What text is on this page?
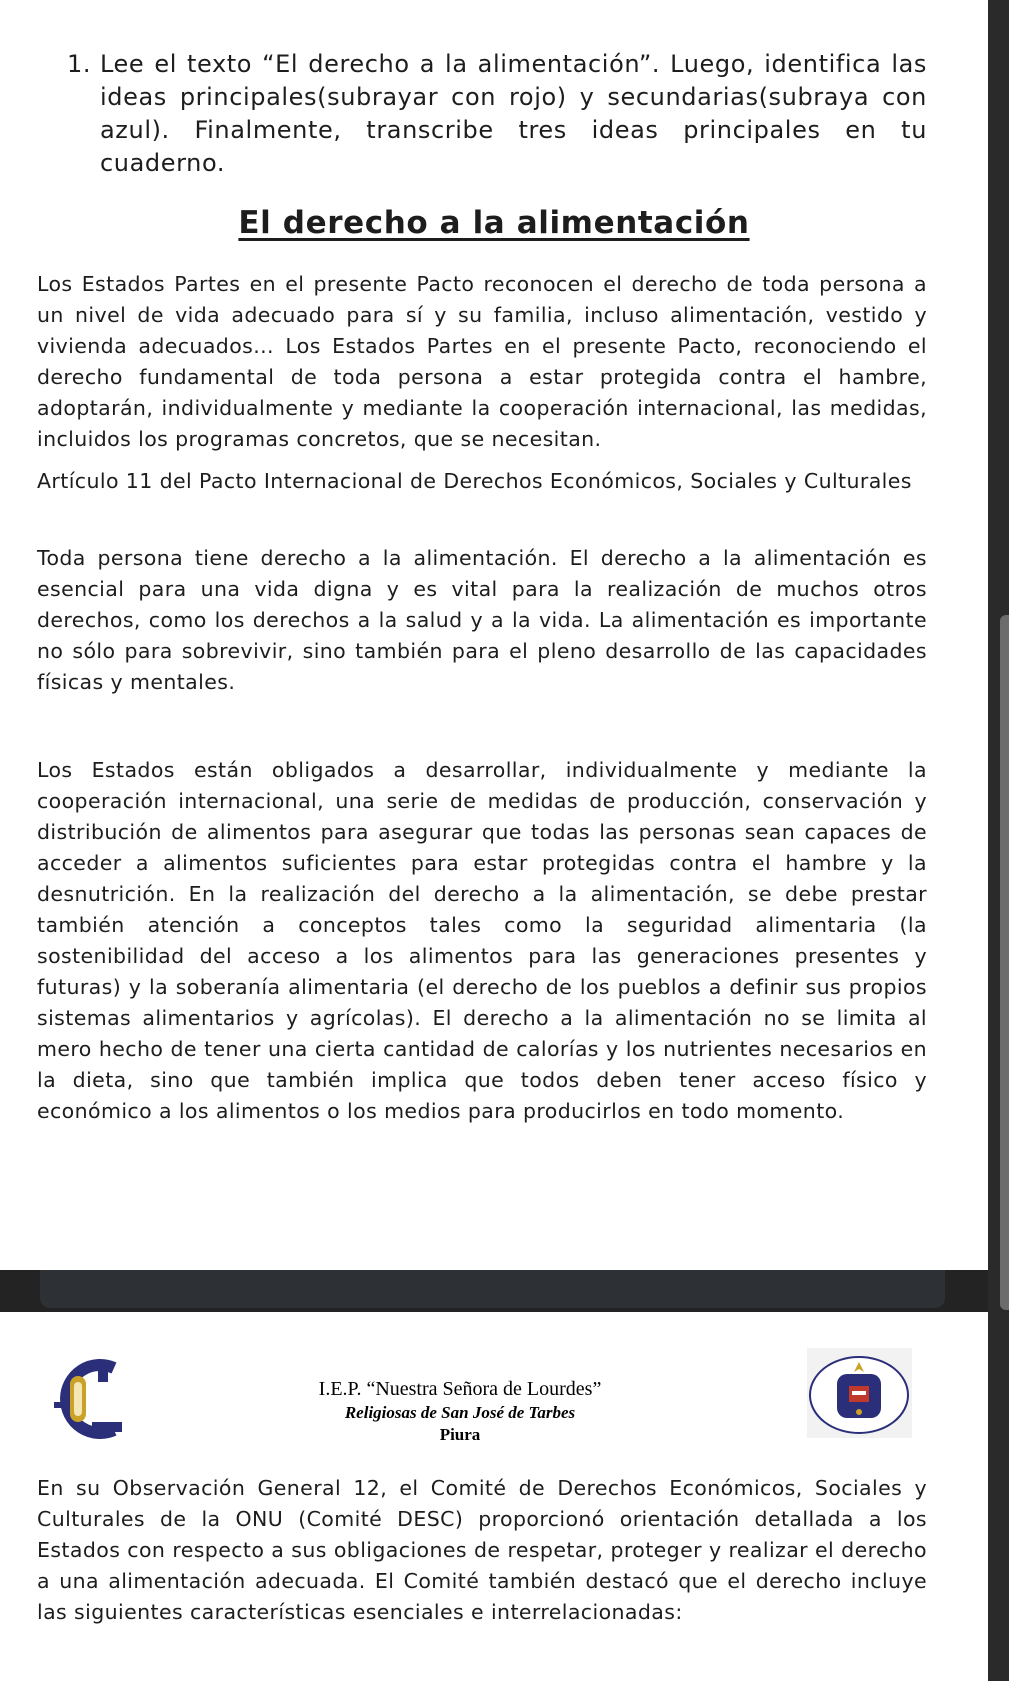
1. Lee el texto “El derecho a la alimentación”. Luego, identifica las ideas principales(subrayar con rojo) y secundarias(subraya con azul). Finalmente, transcribe tres ideas principales en tu cuaderno.
El derecho a la alimentación
Los Estados Partes en el presente Pacto reconocen el derecho de toda persona a un nivel de vida adecuado para sí y su familia, incluso alimentación, vestido y vivienda adecuados... Los Estados Partes en el presente Pacto, reconociendo el derecho fundamental de toda persona a estar protegida contra el hambre, adoptarán, individualmente y mediante la cooperación internacional, las medidas, incluidos los programas concretos, que se necesitan.
Artículo 11 del Pacto Internacional de Derechos Económicos, Sociales y Culturales
Toda persona tiene derecho a la alimentación. El derecho a la alimentación es esencial para una vida digna y es vital para la realización de muchos otros derechos, como los derechos a la salud y a la vida. La alimentación es importante no sólo para sobrevivir, sino también para el pleno desarrollo de las capacidades físicas y mentales.
Los Estados están obligados a desarrollar, individualmente y mediante la cooperación internacional, una serie de medidas de producción, conservación y distribución de alimentos para asegurar que todas las personas sean capaces de acceder a alimentos suficientes para estar protegidas contra el hambre y la desnutrición. En la realización del derecho a la alimentación, se debe prestar también atención a conceptos tales como la seguridad alimentaria (la sostenibilidad del acceso a los alimentos para las generaciones presentes y futuras) y la soberanía alimentaria (el derecho de los pueblos a definir sus propios sistemas alimentarios y agrícolas). El derecho a la alimentación no se limita al mero hecho de tener una cierta cantidad de calorías y los nutrientes necesarios en la dieta, sino que también implica que todos deben tener acceso físico y económico a los alimentos o los medios para producirlos en todo momento.
I.E.P. “Nuestra Señora de Lourdes”
Religiosas de San José de Tarbes
Piura
En su Observación General 12, el Comité de Derechos Económicos, Sociales y Culturales de la ONU (Comité DESC) proporcionó orientación detallada a los Estados con respecto a sus obligaciones de respetar, proteger y realizar el derecho a una alimentación adecuada. El Comité también destacó que el derecho incluye las siguientes características esenciales e interrelacionadas:
